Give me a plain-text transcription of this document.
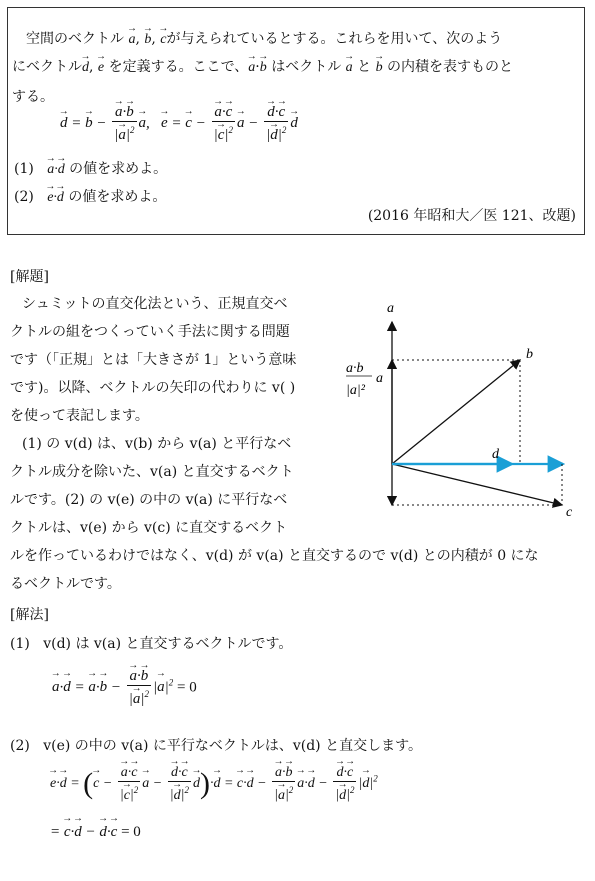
空間のベクトル → a, → b, → cが与えられているとする。これらを用いて、次のよう
にベクトル→ d, → e を定義する。ここで、→ a·→ b はベクトル → a と → b の内積を表すものと
する。
→ d = → b −
→ $\frac{a\cdot\to b}{|\to a|^2}$
→ a,   → e = → c −
→ $\frac{a\cdot\to c}{|\to c|^2}$
→ a −
→ $\frac{d\cdot\to c}{|\to d|^2}$
→ d
(1)   → a·→ d の値を求めよ。
(2)   → e·→ d の値を求めよ。
(2016 年昭和大／医 121、改題)
[解題]
シュミットの直交化法という、正規直交ベ
クトルの組をつくっていく手法に関する問題
です（「正規」とは「大きさが 1」という意味
です)。以降、ベクトルの矢印の代わりに v( )
を使って表記します。
(1) の v(d) は、v(b) から v(a) と平行なベ
クトル成分を除いた、v(a) と直交するベクト
ルです。(2) の v(e) の中の v(a) に平行なベ
クトルは、v(e) から v(c) に直交するベクト
ルを作っているわけではなく、v(d) が v(a) と直交するので v(d) との内積が 0 にな
るベクトルです。
a
b
c
d
a·b
|a|²
a
[解法]
(1) v(d) は v(a) と直交するベクトルです。
→ a·→ d = → a·→ b −
→ $\frac{a\cdot\to b}{|\to a|^2}$ |→ $a|^2 = 0$
(2) v(e) の中の v(a) に平行なベクトルは、v(d) と直交します。
→ e·→ d = (→ c −
→ $\frac{a\cdot\to c}{|\to c|^2}$
→ a −
→ $\frac{d\cdot\to c}{|\to d|^2}$
→ d)·→ d = → c·→ d −
→ $\frac{a\cdot\to b}{|\to a|^2}$
→ a·→ d −
→ $\frac{d\cdot\to c}{|\to d|^2}$ |→ $d|^2$
= → c·→ d − → d·→ c = 0
